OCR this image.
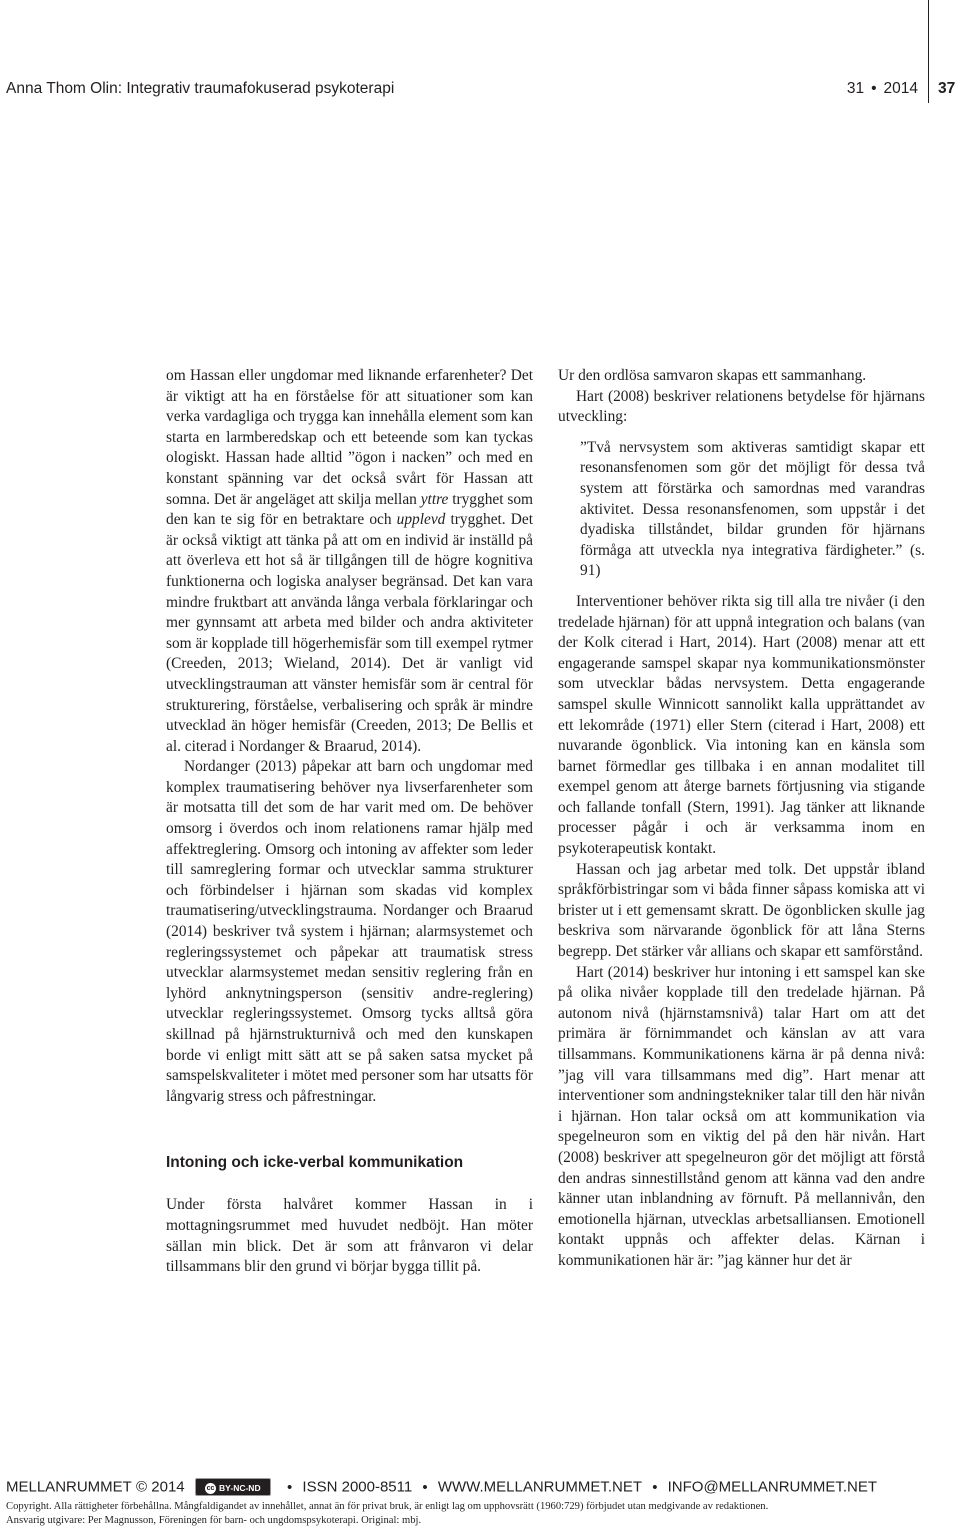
Anna Thom Olin: Integrativ traumafokuserad psykoterapi	31 • 2014 37

om Hassan eller ungdomar med liknande erfarenheter? Det är viktigt att ha en förståelse för att situationer som kan verka vardagliga och trygga kan innehålla element som kan starta en larmberedskap och ett beteende som kan tyckas ologiskt. Hassan hade alltid ”ögon i nacken” och med en konstant spänning var det också svårt för Hassan att somna. Det är angeläget att skilja mellan yttre trygghet som den kan te sig för en betraktare och upplevd trygghet. Det är också viktigt att tänka på att om en individ är inställd på att överleva ett hot så är tillgången till de högre kognitiva funktionerna och logiska analyser begränsad. Det kan vara mindre fruktbart att använda långa verbala förklaringar och mer gynnsamt att arbeta med bilder och andra aktiviteter som är kopplade till högerhemisfär som till exempel rytmer (Creeden, 2013; Wieland, 2014). Det är vanligt vid utvecklingstrauman att vänster hemisfär som är central för strukturering, förståelse, verbalisering och språk är mindre utvecklad än höger hemisfär (Creeden, 2013; De Bellis et al. citerad i Nordanger & Braarud, 2014).

Nordanger (2013) påpekar att barn och ungdomar med komplex traumatisering behöver nya livserfarenheter som är motsatta till det som de har varit med om. De behöver omsorg i överdos och inom relationens ramar hjälp med affektreglering. Omsorg och intoning av affekter som leder till samreglering formar och utvecklar samma strukturer och förbindelser i hjärnan som skadas vid komplex traumatisering/utvecklingstrauma. Nordanger och Braarud (2014) beskriver två system i hjärnan; alarmsystemet och regleringssystemet och påpekar att traumatisk stress utvecklar alarmsystemet medan sensitiv reglering från en lyhörd anknytningsperson (sensitiv andre-reglering) utvecklar regleringssystemet. Omsorg tycks alltså göra skillnad på hjärnstrukturnivå och med den kunskapen borde vi enligt mitt sätt att se på saken satsa mycket på samspelskvaliteter i mötet med personer som har utsatts för långvarig stress och påfrestningar.

Intoning och icke-verbal kommunikation

Under första halvåret kommer Hassan in i mottagningsrummet med huvudet nedböjt. Han möter sällan min blick. Det är som att frånvaron vi delar tillsammans blir den grund vi börjar bygga tillit på.

Ur den ordlösa samvaron skapas ett sammanhang.

Hart (2008) beskriver relationens betydelse för hjärnans utveckling:

”Två nervsystem som aktiveras samtidigt skapar ett resonansfenomen som gör det möjligt för dessa två system att förstärka och samordnas med varandras aktivitet. Dessa resonansfenomen, som uppstår i det dyadiska tillståndet, bildar grunden för hjärnans förmåga att utveckla nya integrativa färdigheter.” (s. 91)

Interventioner behöver rikta sig till alla tre nivåer (i den tredelade hjärnan) för att uppnå integration och balans (van der Kolk citerad i Hart, 2014). Hart (2008) menar att ett engagerande samspel skapar nya kommunikationsmönster som utvecklar bådas nervsystem. Detta engagerande samspel skulle Winnicott sannolikt kalla upprättandet av ett lekområde (1971) eller Stern (citerad i Hart, 2008) ett nuvarande ögonblick. Via intoning kan en känsla som barnet förmedlar ges tillbaka i en annan modalitet till exempel genom att återge barnets förtjusning via stigande och fallande tonfall (Stern, 1991). Jag tänker att liknande processer pågår i och är verksamma inom en psykoterapeutisk kontakt.

Hassan och jag arbetar med tolk. Det uppstår ibland språkförbistringar som vi båda finner såpass komiska att vi brister ut i ett gemensamt skratt. De ögonblicken skulle jag beskriva som närvarande ögonblick för att låna Sterns begrepp. Det stärker vår allians och skapar ett samförstånd.

Hart (2014) beskriver hur intoning i ett samspel kan ske på olika nivåer kopplade till den tredelade hjärnan. På autonom nivå (hjärnstamsnivå) talar Hart om att det primära är förnimmandet och känslan av att vara tillsammans. Kommunikationens kärna är på denna nivå: ”jag vill vara tillsammans med dig”. Hart menar att interventioner som andningstekniker talar till den här nivån i hjärnan. Hon talar också om att kommunikation via spegelneuron som en viktig del på den här nivån. Hart (2008) beskriver att spegelneuron gör det möjligt att förstå den andras sinnestillstånd genom att känna vad den andre känner utan inblandning av förnuft. På mellannivån, den emotionella hjärnan, utvecklas arbetsalliansen. Emotionell kontakt uppnås och affekter delas. Kärnan i kommunikationen här är: ”jag känner hur det är

MELLANRUMMET © 2014	cc BY-NC-ND • ISSN 2000-8511 • WWW.MELLANRUMMET.NET • INFO@MELLANRUMMET.NET
Copyright. Alla rättigheter förbehållna. Mångfaldigandet av innehållet, annat än för privat bruk, är enligt lag om upphovsrätt (1960:729) förbjudet utan medgivande av redaktionen.
Ansvarig utgivare: Per Magnusson, Föreningen för barn- och ungdomspsykoterapi. Original: mbj.
